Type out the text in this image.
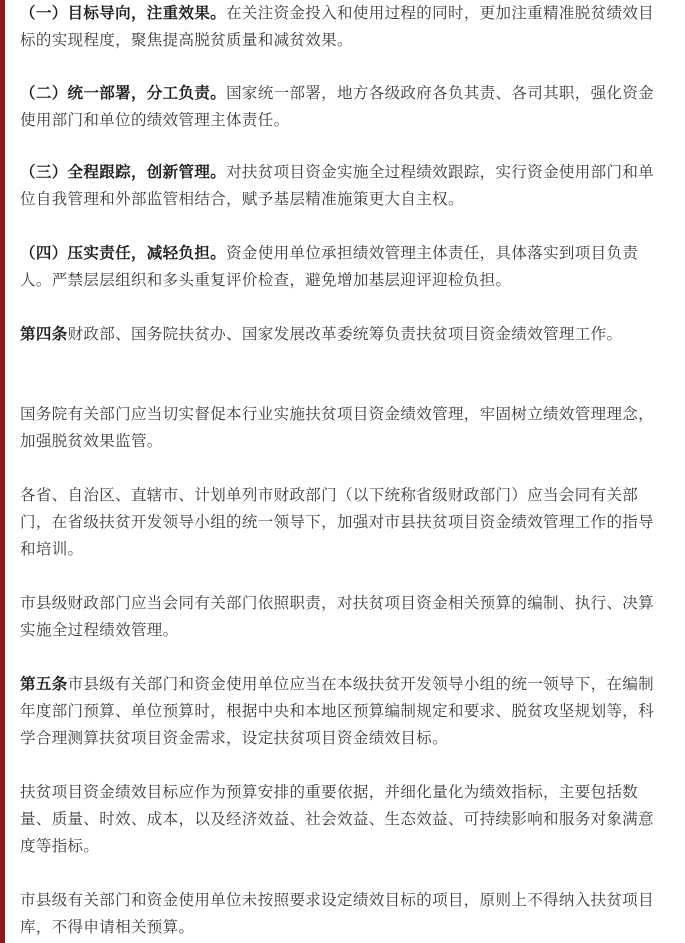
（一）目标导向，注重效果。在关注资金投入和使用过程的同时，更加注重精准脱贫绩效目标的实现程度，聚焦提高脱贫质量和减贫效果。

（二）统一部署，分工负责。国家统一部署，地方各级政府各负其责、各司其职，强化资金使用部门和单位的绩效管理主体责任。

（三）全程跟踪，创新管理。对扶贫项目资金实施全过程绩效跟踪，实行资金使用部门和单位自我管理和外部监管相结合，赋予基层精准施策更大自主权。

（四）压实责任，减轻负担。资金使用单位承担绩效管理主体责任，具体落实到项目负责人。严禁层层组织和多头重复评价检查，避免增加基层迎评迎检负担。

第四条财政部、国务院扶贫办、国家发展改革委统筹负责扶贫项目资金绩效管理工作。

国务院有关部门应当切实督促本行业实施扶贫项目资金绩效管理，牢固树立绩效管理理念，加强脱贫效果监管。

各省、自治区、直辖市、计划单列市财政部门（以下统称省级财政部门）应当会同有关部门，在省级扶贫开发领导小组的统一领导下，加强对市县扶贫项目资金绩效管理工作的指导和培训。

市县级财政部门应当会同有关部门依照职责，对扶贫项目资金相关预算的编制、执行、决算实施全过程绩效管理。

第五条市县级有关部门和资金使用单位应当在本级扶贫开发领导小组的统一领导下，在编制年度部门预算、单位预算时，根据中央和本地区预算编制规定和要求、脱贫攻坚规划等，科学合理测算扶贫项目资金需求，设定扶贫项目资金绩效目标。

扶贫项目资金绩效目标应作为预算安排的重要依据，并细化量化为绩效指标，主要包括数量、质量、时效、成本，以及经济效益、社会效益、生态效益、可持续影响和服务对象满意度等指标。

市县级有关部门和资金使用单位未按照要求设定绩效目标的项目，原则上不得纳入扶贫项目库，不得申请相关预算。
